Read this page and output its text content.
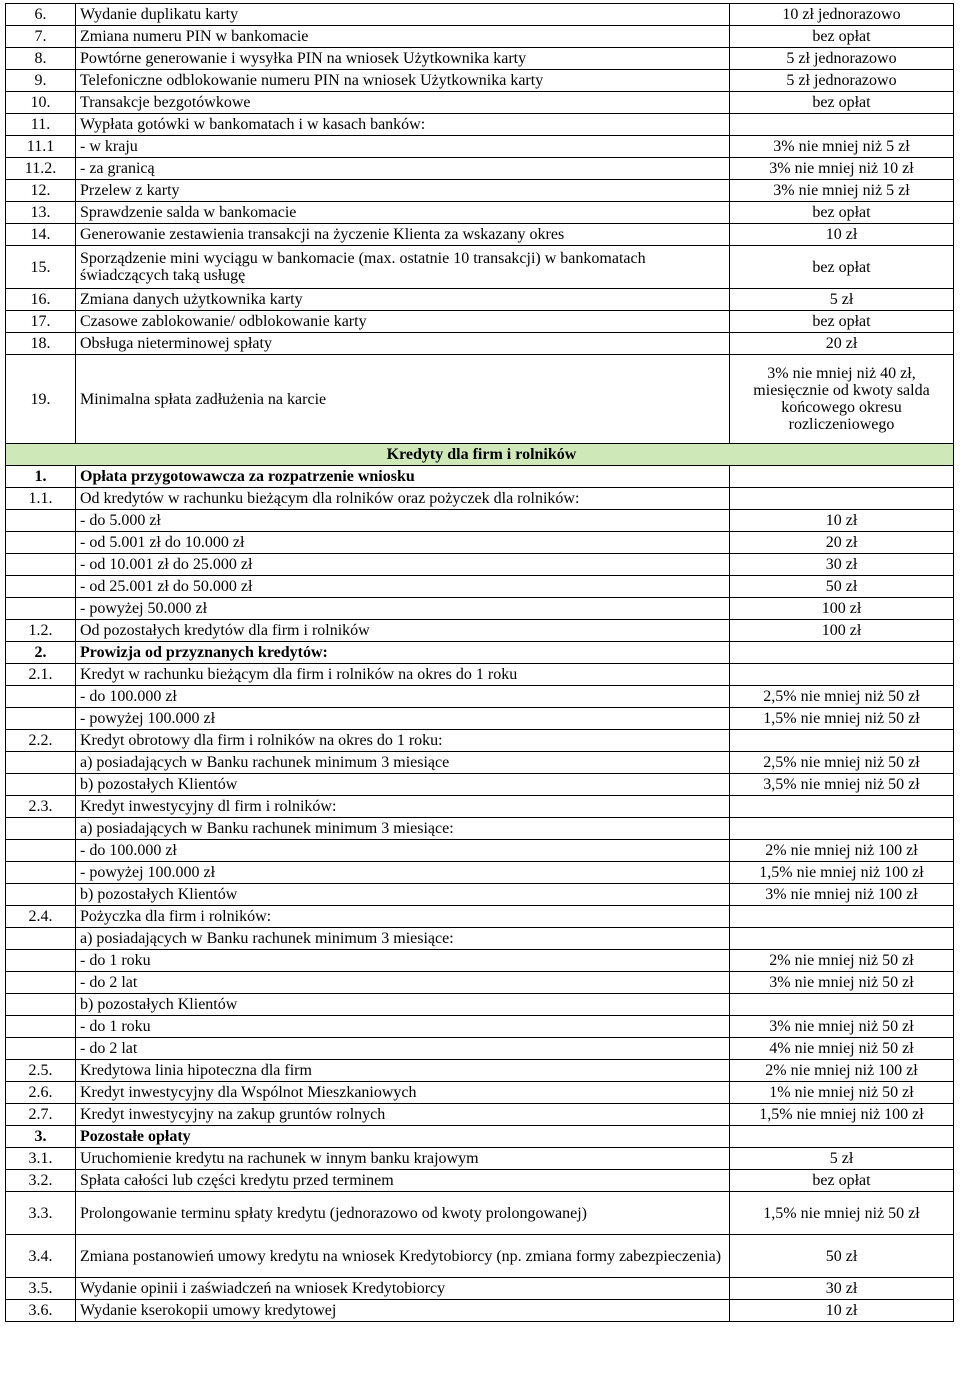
6.	Wydanie duplikatu karty	10 zł jednorazowo
7.	Zmiana numeru PIN w bankomacie	bez opłat
8.	Powtórne generowanie i wysyłka PIN na wniosek Użytkownika karty	5 zł jednorazowo
9.	Telefoniczne odblokowanie numeru PIN na wniosek Użytkownika karty	5 zł jednorazowo
10.	Transakcje bezgotówkowe	bez opłat
11.	Wypłata gotówki w bankomatach i w kasach banków:	
11.1	- w kraju	3% nie mniej niż 5 zł
11.2.	- za granicą	3% nie mniej niż 10 zł
12.	Przelew z karty	3% nie mniej niż 5 zł
13.	Sprawdzenie salda w bankomacie	bez opłat
14.	Generowanie zestawienia transakcji na życzenie Klienta za wskazany okres	10 zł
15.	Sporządzenie mini wyciągu w bankomacie (max. ostatnie 10 transakcji) w bankomatach świadczących taką usługę	bez opłat
16.	Zmiana danych użytkownika karty	5 zł
17.	Czasowe zablokowanie/ odblokowanie karty	bez opłat
18.	Obsługa nieterminowej spłaty	20 zł
19.	Minimalna spłata zadłużenia na karcie	3% nie mniej niż 40 zł, miesięcznie od kwoty salda końcowego okresu rozliczeniowego
Kredyty dla firm i rolników		
1.	Opłata przygotowawcza za rozpatrzenie wniosku	
1.1.	Od kredytów w rachunku bieżącym dla rolników oraz pożyczek dla rolników:	
	- do 5.000 zł	10 zł
	- od 5.001 zł do 10.000 zł	20 zł
	- od 10.001 zł do 25.000 zł	30 zł
	- od 25.001 zł do 50.000 zł	50 zł
	- powyżej 50.000 zł	100 zł
1.2.	Od pozostałych kredytów dla firm i rolników	100 zł
2.	Prowizja od przyznanych kredytów:	
2.1.	Kredyt w rachunku bieżącym dla firm i rolników na okres do 1 roku	
	- do 100.000 zł	2,5% nie mniej niż 50 zł
	- powyżej 100.000 zł	1,5% nie mniej niż 50 zł
2.2.	Kredyt obrotowy dla firm i rolników na okres do 1 roku:	
	a) posiadających w Banku rachunek minimum 3 miesiące	2,5% nie mniej niż 50 zł
	b) pozostałych Klientów	3,5% nie mniej niż 50 zł
2.3.	Kredyt inwestycyjny dl firm i rolników:	
	a) posiadających w Banku rachunek minimum 3 miesiące:	
	- do 100.000 zł	2% nie mniej niż 100 zł
	- powyżej 100.000 zł	1,5% nie mniej niż 100 zł
	b) pozostałych Klientów	3% nie mniej niż 100 zł
2.4.	Pożyczka dla firm i rolników:	
	a) posiadających w Banku rachunek minimum 3 miesiące:	
	- do 1 roku	2% nie mniej niż 50 zł
	- do 2 lat	3% nie mniej niż 50 zł
	b) pozostałych Klientów	
	- do 1 roku	3% nie mniej niż 50 zł
	- do 2 lat	4% nie mniej niż 50 zł
2.5.	Kredytowa linia hipoteczna dla firm	2% nie mniej niż 100 zł
2.6.	Kredyt inwestycyjny dla Wspólnot Mieszkaniowych	1% nie mniej niż 50 zł
2.7.	Kredyt inwestycyjny na zakup gruntów rolnych	1,5% nie mniej niż 100 zł
3.	Pozostałe opłaty	
3.1.	Uruchomienie kredytu na rachunek w innym banku krajowym	5 zł
3.2.	Spłata całości lub części kredytu przed terminem	bez opłat
3.3.	Prolongowanie terminu spłaty kredytu (jednorazowo od kwoty prolongowanej)	1,5% nie mniej niż 50 zł
3.4.	Zmiana postanowień umowy kredytu na wniosek Kredytobiorcy (np. zmiana formy zabezpieczenia)	50 zł
3.5.	Wydanie opinii i zaświadczeń na wniosek Kredytobiorcy	30 zł
3.6.	Wydanie kserokopii umowy kredytowej	10 zł
